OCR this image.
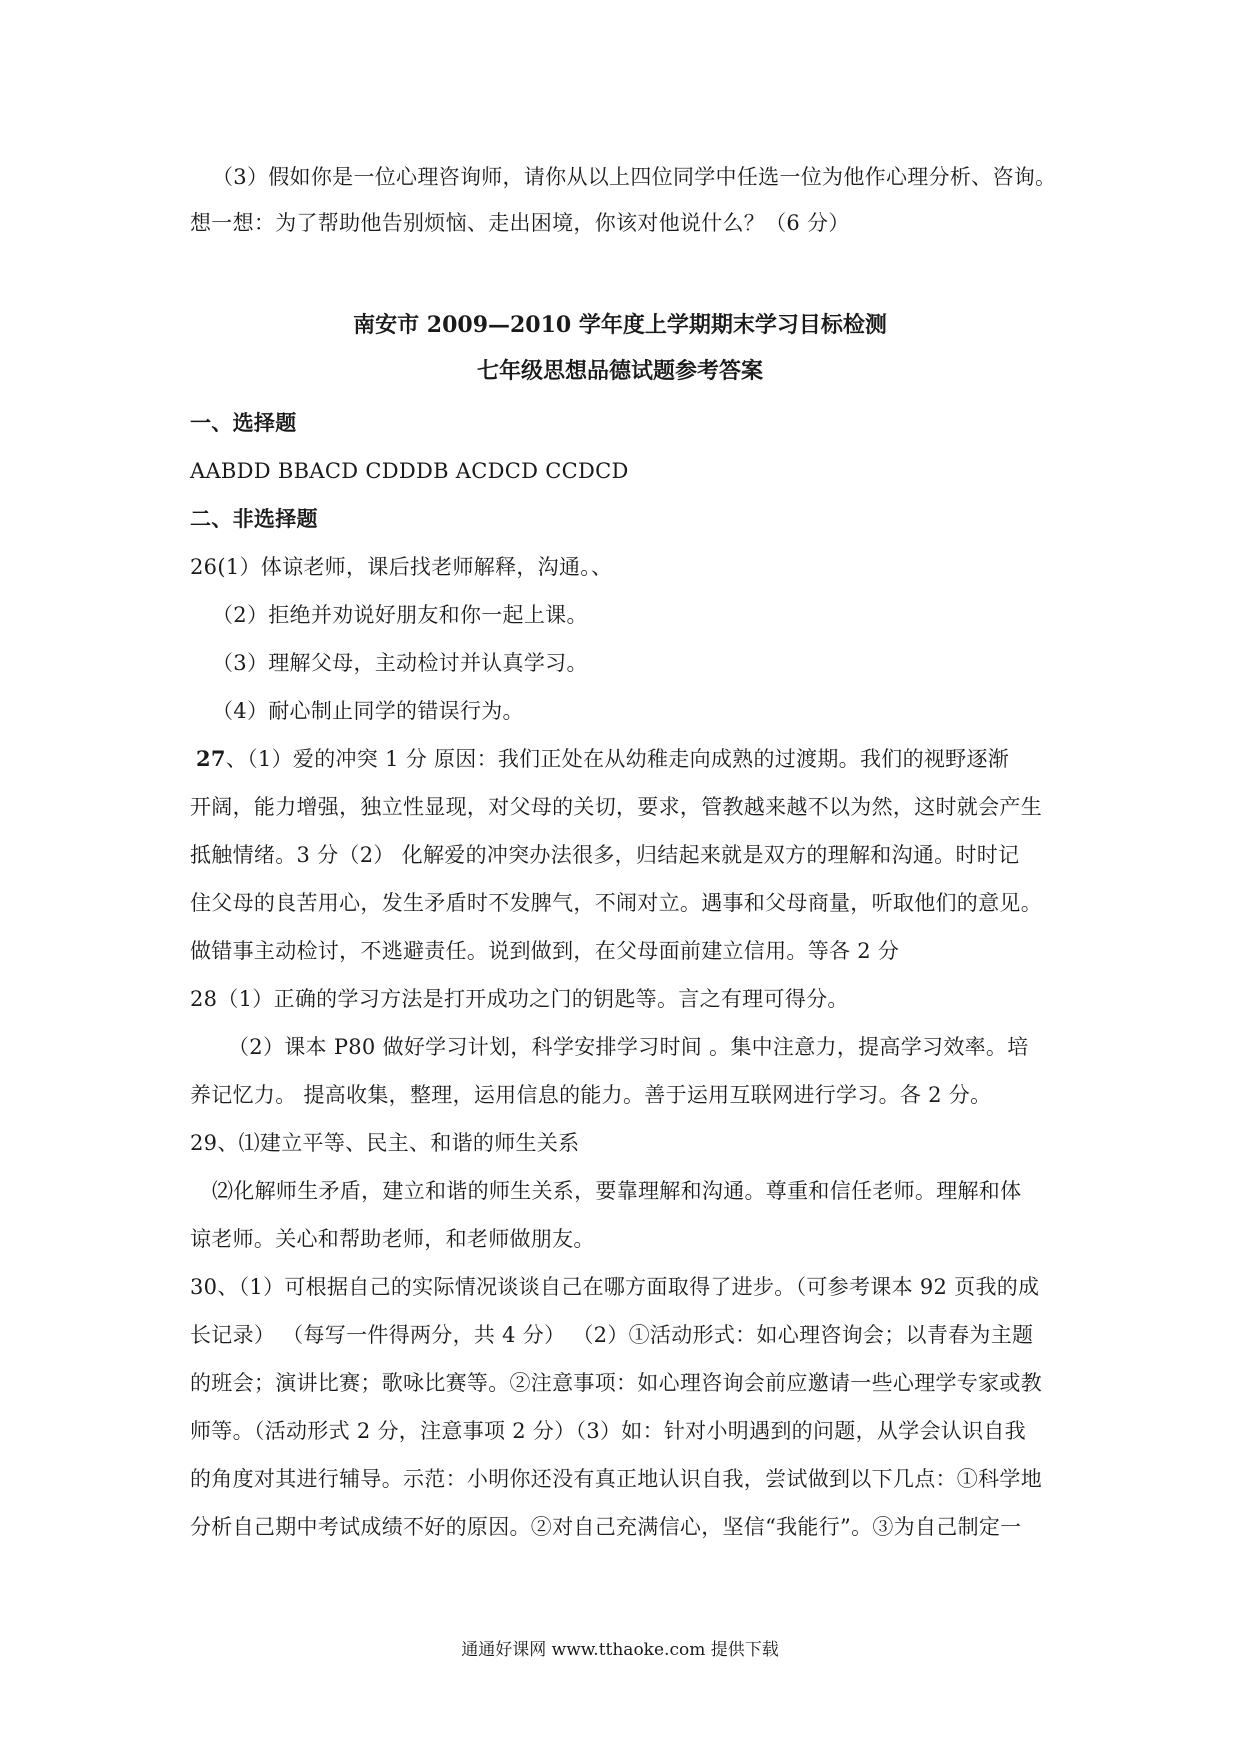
（3）假如你是一位心理咨询师，请你从以上四位同学中任选一位为他作心理分析、咨询。
想一想：为了帮助他告别烦恼、走出困境，你该对他说什么？（6 分）
南安市 2009—2010 学年度上学期期末学习目标检测
七年级思想品德试题参考答案
一、选择题
AABDD BBACD CDDDB ACDCD CCDCD
二、非选择题
26(1）体谅老师，课后找老师解释，沟通。、
（2）拒绝并劝说好朋友和你一起上课。
（3）理解父母，主动检讨并认真学习。
（4）耐心制止同学的错误行为。
27、（1）爱的冲突 1 分 原因：我们正处在从幼稚走向成熟的过渡期。我们的视野逐渐
开阔，能力增强，独立性显现，对父母的关切，要求，管教越来越不以为然，这时就会产生
抵触情绪。3 分（2） 化解爱的冲突办法很多，归结起来就是双方的理解和沟通。时时记
住父母的良苦用心，发生矛盾时不发脾气，不闹对立。遇事和父母商量，听取他们的意见。
做错事主动检讨，不逃避责任。说到做到，在父母面前建立信用。等各 2 分
28（1）正确的学习方法是打开成功之门的钥匙等。言之有理可得分。
（2）课本 P80 做好学习计划，科学安排学习时间 。集中注意力，提高学习效率。培
养记忆力。 提高收集，整理，运用信息的能力。善于运用互联网进行学习。各 2 分。
29、⑴建立平等、民主、和谐的师生关系
⑵化解师生矛盾，建立和谐的师生关系，要靠理解和沟通。尊重和信任老师。理解和体
谅老师。关心和帮助老师，和老师做朋友。
30、（1）可根据自己的实际情况谈谈自己在哪方面取得了进步。（可参考课本 92 页我的成
长记录） （每写一件得两分，共 4 分） （2）①活动形式：如心理咨询会；以青春为主题
的班会；演讲比赛；歌咏比赛等。②注意事项：如心理咨询会前应邀请一些心理学专家或教
师等。（活动形式 2 分，注意事项 2 分）（3）如：针对小明遇到的问题，从学会认识自我
的角度对其进行辅导。示范：小明你还没有真正地认识自我，尝试做到以下几点：①科学地
分析自己期中考试成绩不好的原因。②对自己充满信心，坚信“我能行”。③为自己制定一
通通好课网 www.tthaoke.com 提供下载
